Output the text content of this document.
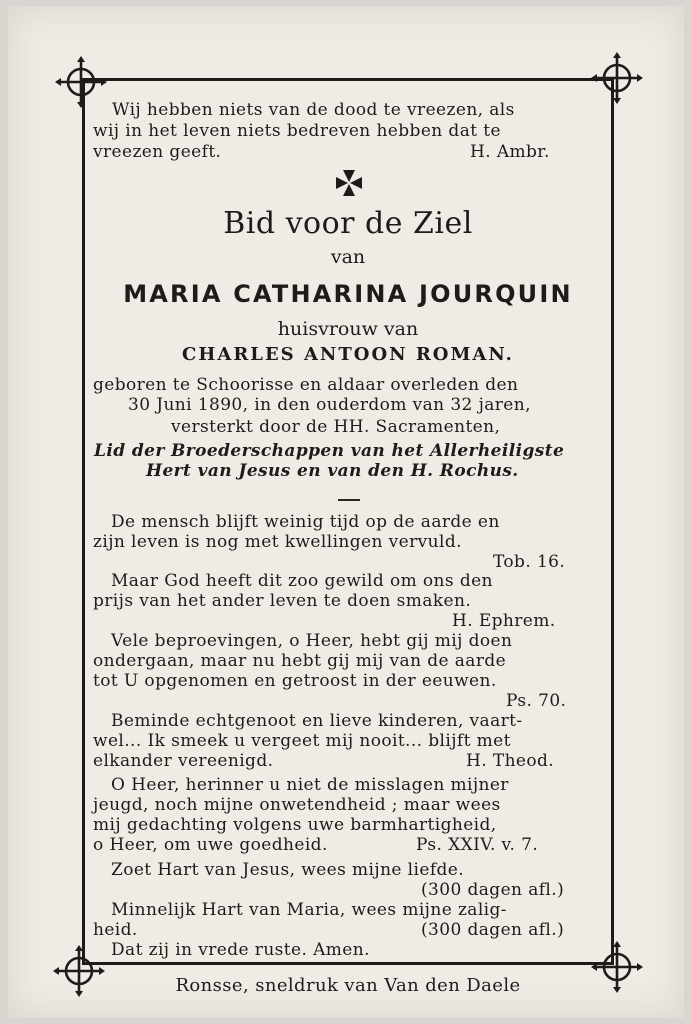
Wij hebben niets van de dood te vreezen, als
wij in het leven niets bedreven hebben dat te
vreezen geeft.	H. Ambr.
Bid voor de Ziel
van
MARIA CATHARINA JOURQUIN
huisvrouw van
CHARLES ANTOON ROMAN.
geboren te Schoorisse en aldaar overleden den
30 Juni 1890, in den ouderdom van 32 jaren,
versterkt door de HH. Sacramenten,
Lid der Broederschappen van het Allerheiligste
Hert van Jesus en van den H. Rochus.
De mensch blijft weinig tijd op de aarde en
zijn leven is nog met kwellingen vervuld.
Tob. 16.
Maar God heeft dit zoo gewild om ons den
prijs van het ander leven te doen smaken.
H. Ephrem.
Vele beproevingen, o Heer, hebt gij mij doen
ondergaan, maar nu hebt gij mij van de aarde
tot U opgenomen en getroost in der eeuwen.
Ps. 70.
Beminde echtgenoot en lieve kinderen, vaart-
wel... Ik smeek u vergeet mij nooit... blijft met
elkander vereenigd.	H. Theod.
O Heer, herinner u niet de misslagen mijner
jeugd, noch mijne onwetendheid ; maar wees
mij gedachting volgens uwe barmhartigheid,
o Heer, om uwe goedheid.	Ps. XXIV. v. 7.
Zoet Hart van Jesus, wees mijne liefde.
(300 dagen afl.)
Minnelijk Hart van Maria, wees mijne zalig-
heid.	(300 dagen afl.)
Dat zij in vrede ruste. Amen.
Ronsse, sneldruk van Van den Daele
